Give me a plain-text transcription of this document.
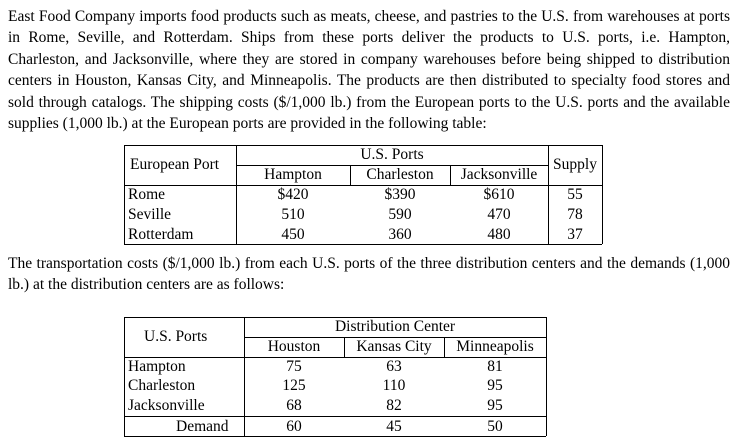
East Food Company imports food products such as meats, cheese, and pastries to the U.S. from warehouses at ports in Rome, Seville, and Rotterdam. Ships from these ports deliver the products to U.S. ports, i.e. Hampton, Charleston, and Jacksonville, where they are stored in company warehouses before being shipped to distribution centers in Houston, Kansas City, and Minneapolis. The products are then distributed to specialty food stores and sold through catalogs. The shipping costs ($/1,000 lb.) from the European ports to the U.S. ports and the available supplies (1,000 lb.) at the European ports are provided in the following table:

European Port
U.S. Ports
Hampton	Charleston	Jacksonville
Supply
Rome	$420	$390	$610	55
Seville	510	590	470	78
Rotterdam	450	360	480	37

The transportation costs ($/1,000 lb.) from each U.S. ports of the three distribution centers and the demands (1,000 lb.) at the distribution centers are as follows:

U.S. Ports
Distribution Center
Houston	Kansas City	Minneapolis
Hampton	75	63	81
Charleston	125	110	95
Jacksonville	68	82	95
Demand	60	45	50
